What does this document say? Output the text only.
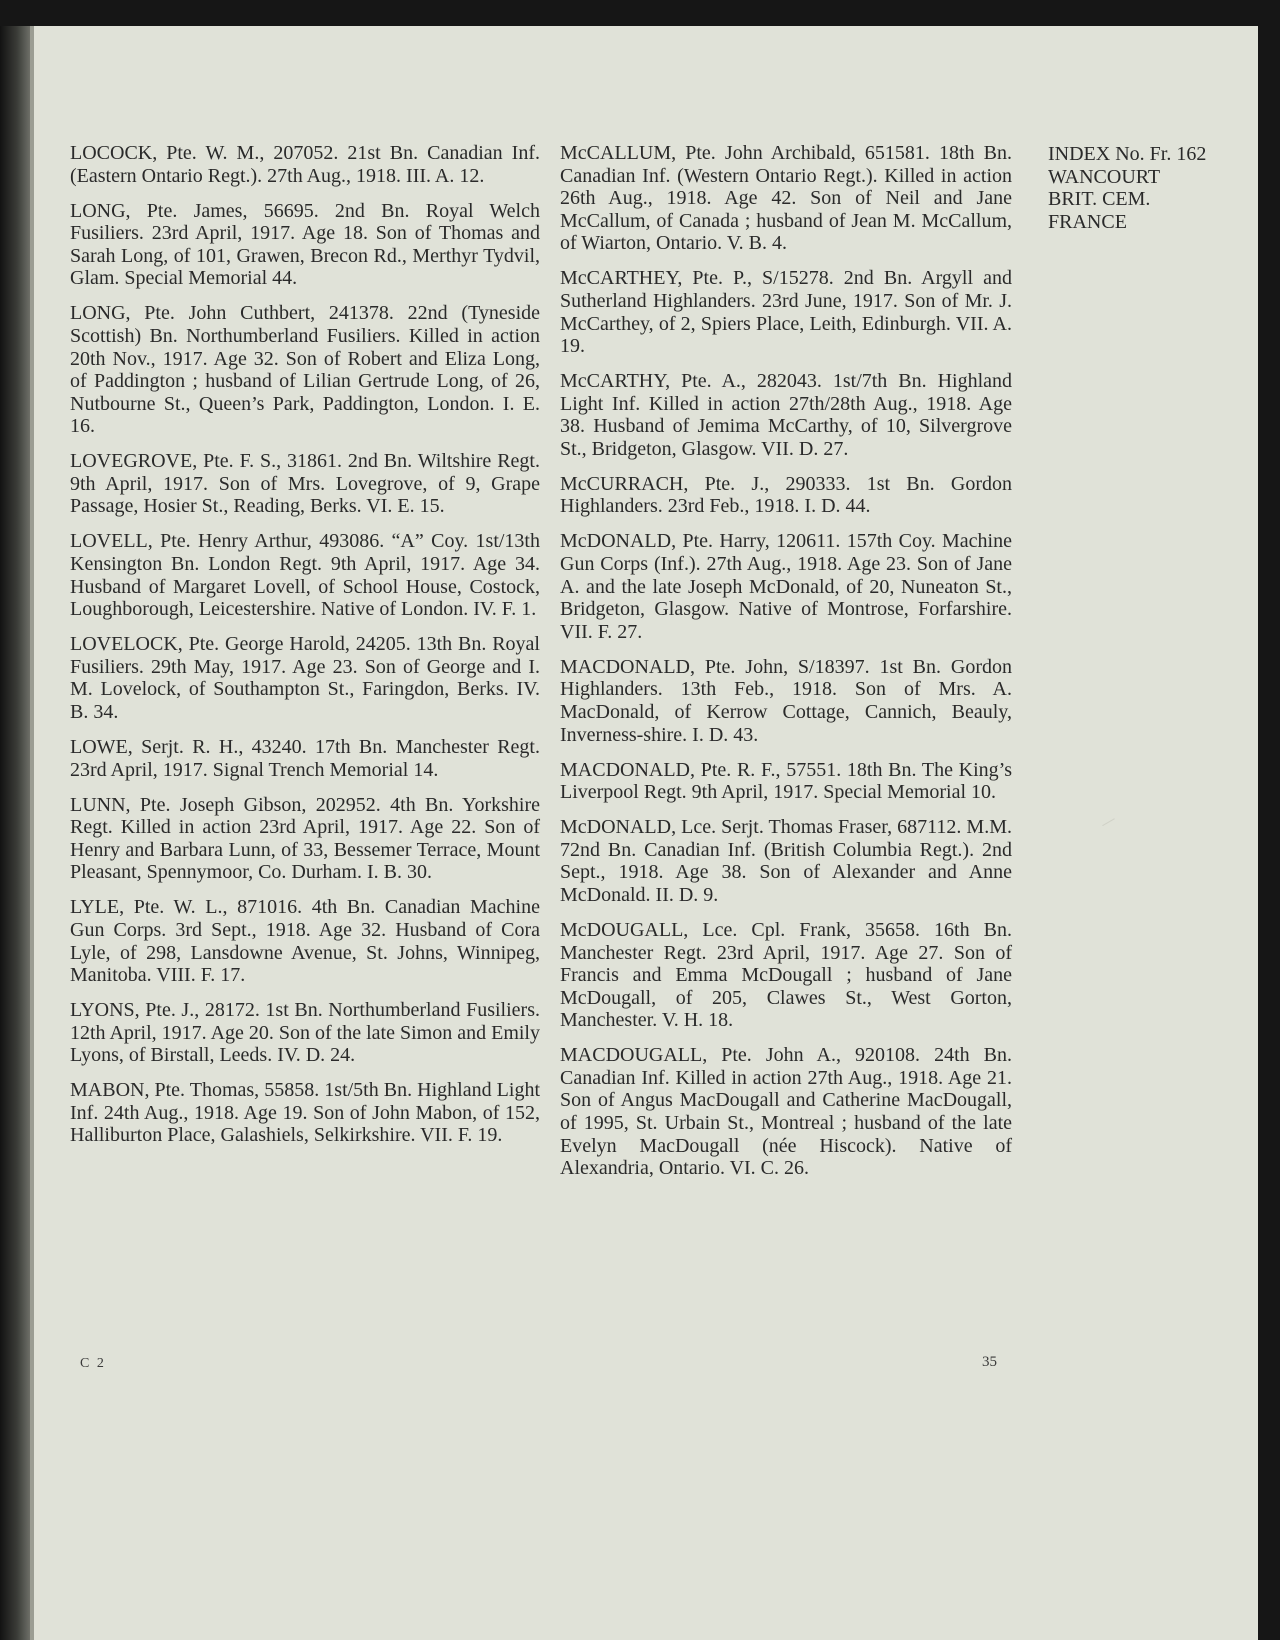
LOCOCK, Pte. W. M., 207052. 21st Bn. Canadian Inf. (Eastern Ontario Regt.). 27th Aug., 1918. III. A. 12.

LONG, Pte. James, 56695. 2nd Bn. Royal Welch Fusiliers. 23rd April, 1917. Age 18. Son of Thomas and Sarah Long, of 101, Grawen, Brecon Rd., Merthyr Tydvil, Glam. Special Memorial 44.

LONG, Pte. John Cuthbert, 241378. 22nd (Tyneside Scottish) Bn. Northumberland Fusiliers. Killed in action 20th Nov., 1917. Age 32. Son of Robert and Eliza Long, of Paddington ; husband of Lilian Gertrude Long, of 26, Nutbourne St., Queen’s Park, Paddington, London. I. E. 16.

LOVEGROVE, Pte. F. S., 31861. 2nd Bn. Wiltshire Regt. 9th April, 1917. Son of Mrs. Lovegrove, of 9, Grape Passage, Hosier St., Reading, Berks. VI. E. 15.

LOVELL, Pte. Henry Arthur, 493086. “A” Coy. 1st/13th Kensington Bn. London Regt. 9th April, 1917. Age 34. Husband of Margaret Lovell, of School House, Costock, Loughborough, Leicestershire. Native of London. IV. F. 1.

LOVELOCK, Pte. George Harold, 24205. 13th Bn. Royal Fusiliers. 29th May, 1917. Age 23. Son of George and I. M. Lovelock, of Southampton St., Faringdon, Berks. IV. B. 34.

LOWE, Serjt. R. H., 43240. 17th Bn. Manchester Regt. 23rd April, 1917. Signal Trench Memorial 14.

LUNN, Pte. Joseph Gibson, 202952. 4th Bn. Yorkshire Regt. Killed in action 23rd April, 1917. Age 22. Son of Henry and Barbara Lunn, of 33, Bessemer Terrace, Mount Pleasant, Spennymoor, Co. Durham. I. B. 30.

LYLE, Pte. W. L., 871016. 4th Bn. Canadian Machine Gun Corps. 3rd Sept., 1918. Age 32. Husband of Cora Lyle, of 298, Lansdowne Avenue, St. Johns, Winnipeg, Manitoba. VIII. F. 17.

LYONS, Pte. J., 28172. 1st Bn. Northumberland Fusiliers. 12th April, 1917. Age 20. Son of the late Simon and Emily Lyons, of Birstall, Leeds. IV. D. 24.

MABON, Pte. Thomas, 55858. 1st/5th Bn. Highland Light Inf. 24th Aug., 1918. Age 19. Son of John Mabon, of 152, Halliburton Place, Galashiels, Selkirkshire. VII. F. 19.

McCALLUM, Pte. John Archibald, 651581. 18th Bn. Canadian Inf. (Western Ontario Regt.). Killed in action 26th Aug., 1918. Age 42. Son of Neil and Jane McCallum, of Canada ; husband of Jean M. McCallum, of Wiarton, Ontario. V. B. 4.

McCARTHEY, Pte. P., S/15278. 2nd Bn. Argyll and Sutherland Highlanders. 23rd June, 1917. Son of Mr. J. McCarthey, of 2, Spiers Place, Leith, Edinburgh. VII. A. 19.

McCARTHY, Pte. A., 282043. 1st/7th Bn. Highland Light Inf. Killed in action 27th/28th Aug., 1918. Age 38. Husband of Jemima McCarthy, of 10, Silvergrove St., Bridgeton, Glasgow. VII. D. 27.

McCURRACH, Pte. J., 290333. 1st Bn. Gordon Highlanders. 23rd Feb., 1918. I. D. 44.

McDONALD, Pte. Harry, 120611. 157th Coy. Machine Gun Corps (Inf.). 27th Aug., 1918. Age 23. Son of Jane A. and the late Joseph McDonald, of 20, Nuneaton St., Bridgeton, Glasgow. Native of Montrose, Forfarshire. VII. F. 27.

MACDONALD, Pte. John, S/18397. 1st Bn. Gordon Highlanders. 13th Feb., 1918. Son of Mrs. A. MacDonald, of Kerrow Cottage, Cannich, Beauly, Inverness-shire. I. D. 43.

MACDONALD, Pte. R. F., 57551. 18th Bn. The King’s Liverpool Regt. 9th April, 1917. Special Memorial 10.

McDONALD, Lce. Serjt. Thomas Fraser, 687112. M.M. 72nd Bn. Canadian Inf. (British Columbia Regt.). 2nd Sept., 1918. Age 38. Son of Alexander and Anne McDonald. II. D. 9.

McDOUGALL, Lce. Cpl. Frank, 35658. 16th Bn. Manchester Regt. 23rd April, 1917. Age 27. Son of Francis and Emma McDougall ; husband of Jane McDougall, of 205, Clawes St., West Gorton, Manchester. V. H. 18.

MACDOUGALL, Pte. John A., 920108. 24th Bn. Canadian Inf. Killed in action 27th Aug., 1918. Age 21. Son of Angus MacDougall and Catherine MacDougall, of 1995, St. Urbain St., Montreal ; husband of the late Evelyn MacDougall (née Hiscock). Native of Alexandria, Ontario. VI. C. 26.

INDEX No. Fr. 162
WANCOURT
BRIT. CEM.
FRANCE
C 2	35
